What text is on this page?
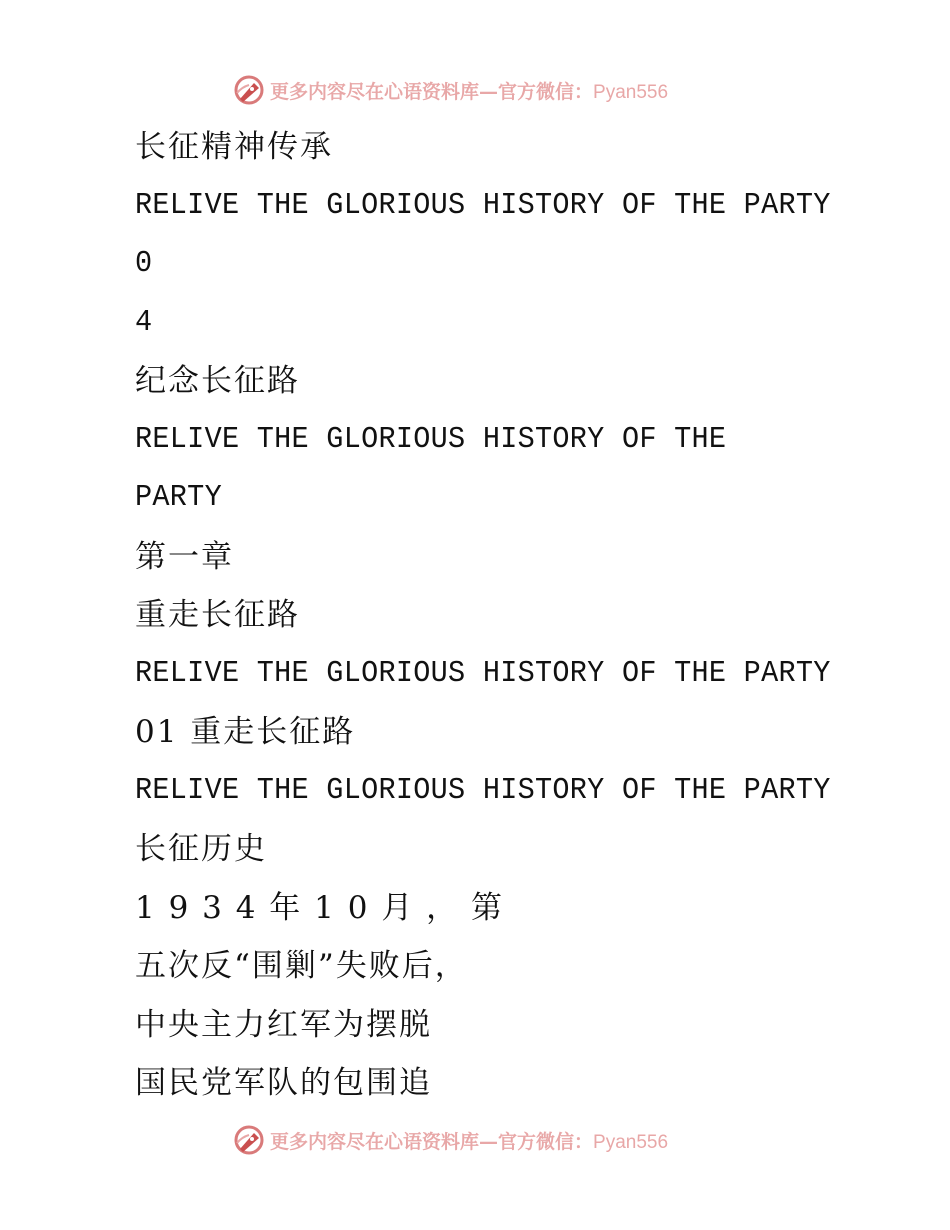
更多内容尽在心语资料库—官方微信：Pyan556
长征精神传承
RELIVE THE GLORIOUS HISTORY OF THE PARTY
0
4
纪念长征路
RELIVE THE GLORIOUS HISTORY OF THE
PARTY
第一章
重走长征路
RELIVE THE GLORIOUS HISTORY OF THE PARTY
01 重走长征路
RELIVE THE GLORIOUS HISTORY OF THE PARTY
长征历史
1 9 3 4 年 1 0 月 ， 第
五次反“围剿”失败后，
中央主力红军为摆脱
国民党军队的包围追
更多内容尽在心语资料库—官方微信：Pyan556
